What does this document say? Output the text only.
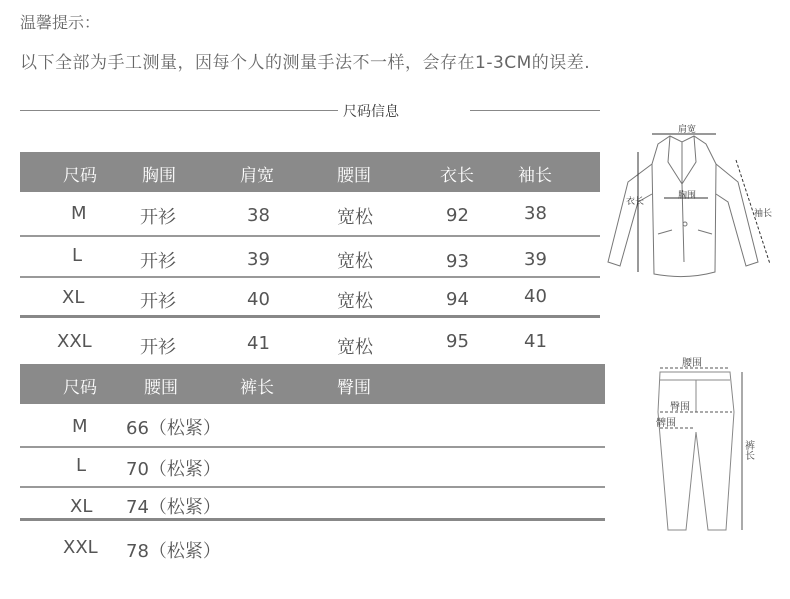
温馨提示：
以下全部为手工测量，因每个人的测量手法不一样，会存在1-3CM的误差.
尺码信息
尺码	胸围	肩宽	腰围	衣长	袖长
M	开衫	38	宽松	92	38
L	开衫	39	宽松	93	39
XL	开衫	40	宽松	94	40
XXL	开衫	41	宽松	95	41
尺码	腰围	裤长	臀围
M 66（松紧）
L 70（松紧）
XL 74（松紧）
XXL 78（松紧）
肩宽
胸围
衣长
袖长
腰围
臀围
髀围
裤长
